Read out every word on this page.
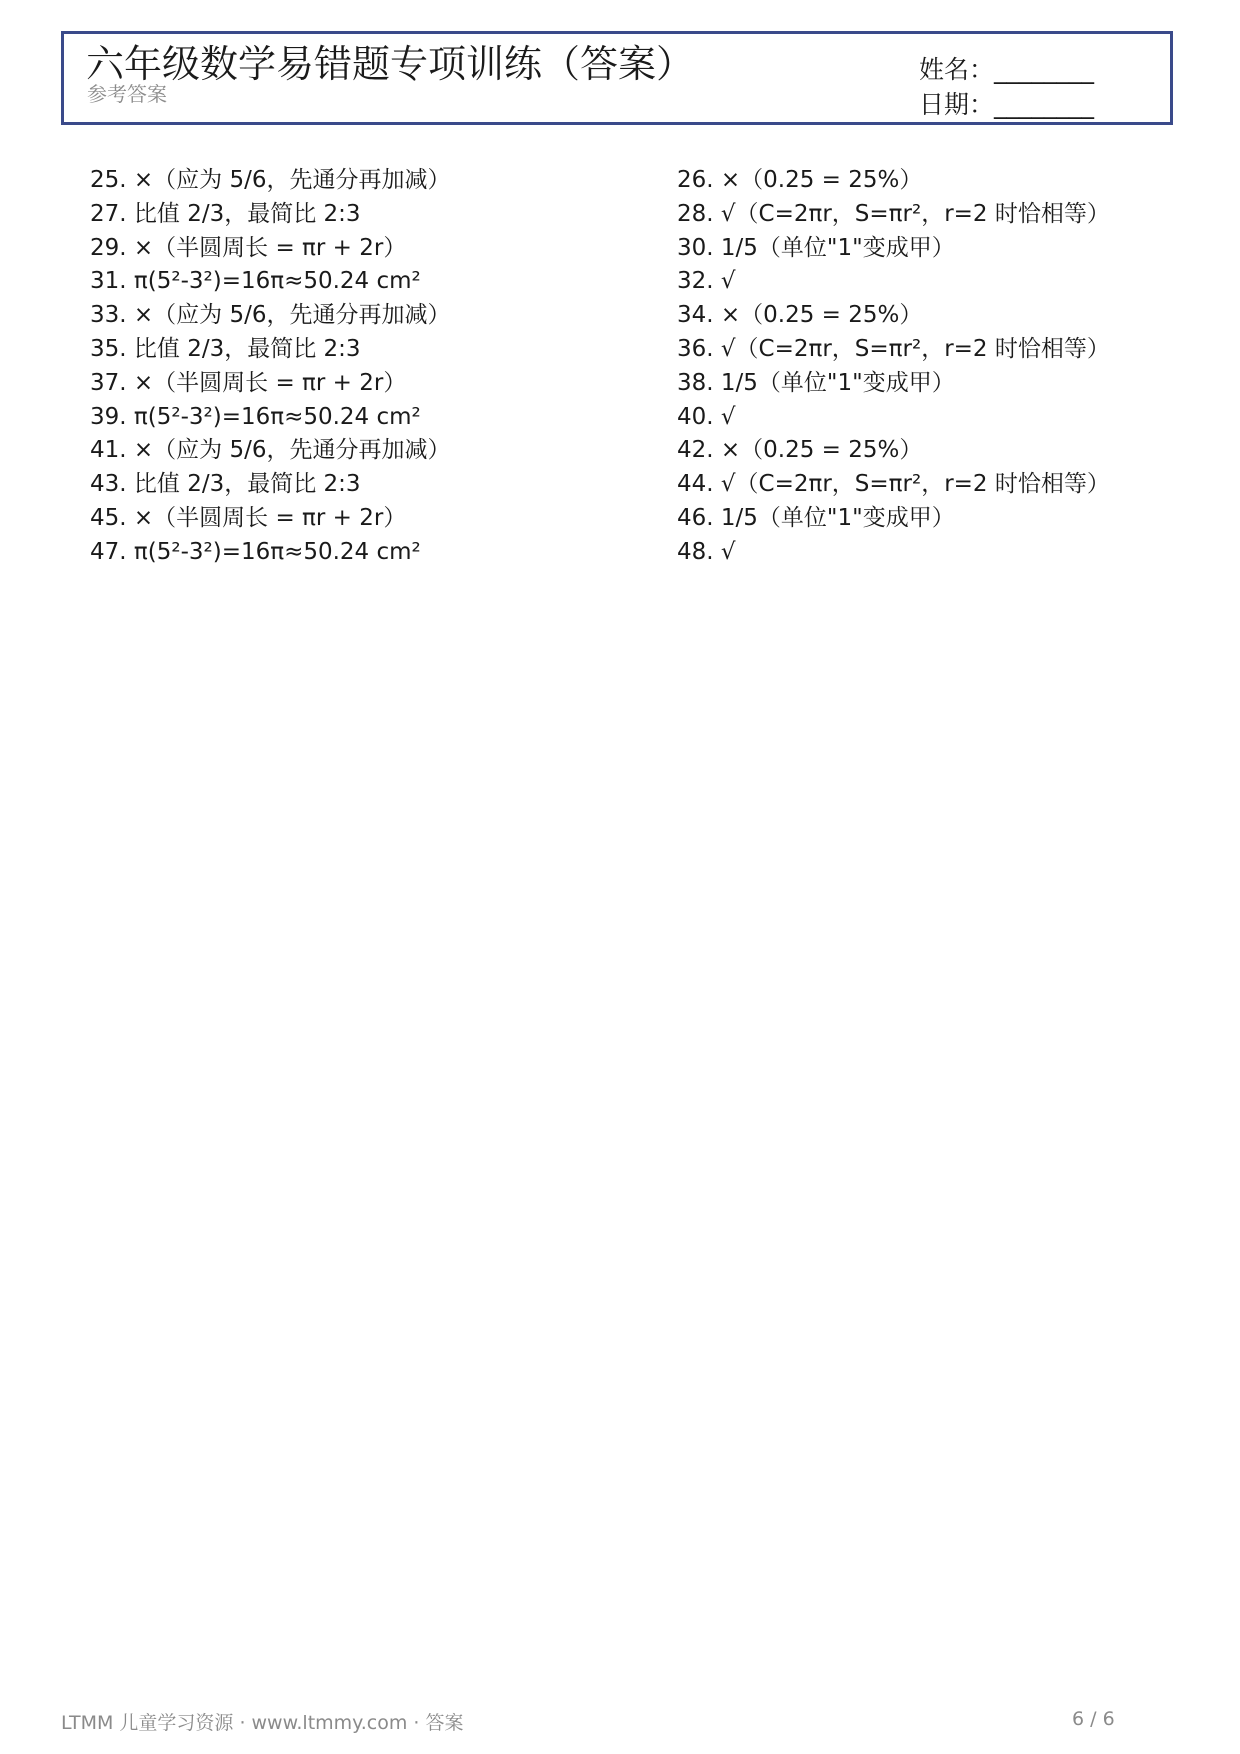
六年级数学易错题专项训练（答案）
参考答案
姓名：________
日期：________
25. ×（应为 5/6，先通分再加减）	26. ×（0.25 = 25%）
27. 比值 2/3，最简比 2:3	28. √（C=2πr，S=πr²，r=2 时恰相等）
29. ×（半圆周长 = πr + 2r）	30. 1/5（单位"1"变成甲）
31. π(5²-3²)=16π≈50.24 cm²	32. √
33. ×（应为 5/6，先通分再加减）	34. ×（0.25 = 25%）
35. 比值 2/3，最简比 2:3	36. √（C=2πr，S=πr²，r=2 时恰相等）
37. ×（半圆周长 = πr + 2r）	38. 1/5（单位"1"变成甲）
39. π(5²-3²)=16π≈50.24 cm²	40. √
41. ×（应为 5/6，先通分再加减）	42. ×（0.25 = 25%）
43. 比值 2/3，最简比 2:3	44. √（C=2πr，S=πr²，r=2 时恰相等）
45. ×（半圆周长 = πr + 2r）	46. 1/5（单位"1"变成甲）
47. π(5²-3²)=16π≈50.24 cm²	48. √
LTMM 儿童学习资源 · www.ltmmy.com · 答案	6 / 6
